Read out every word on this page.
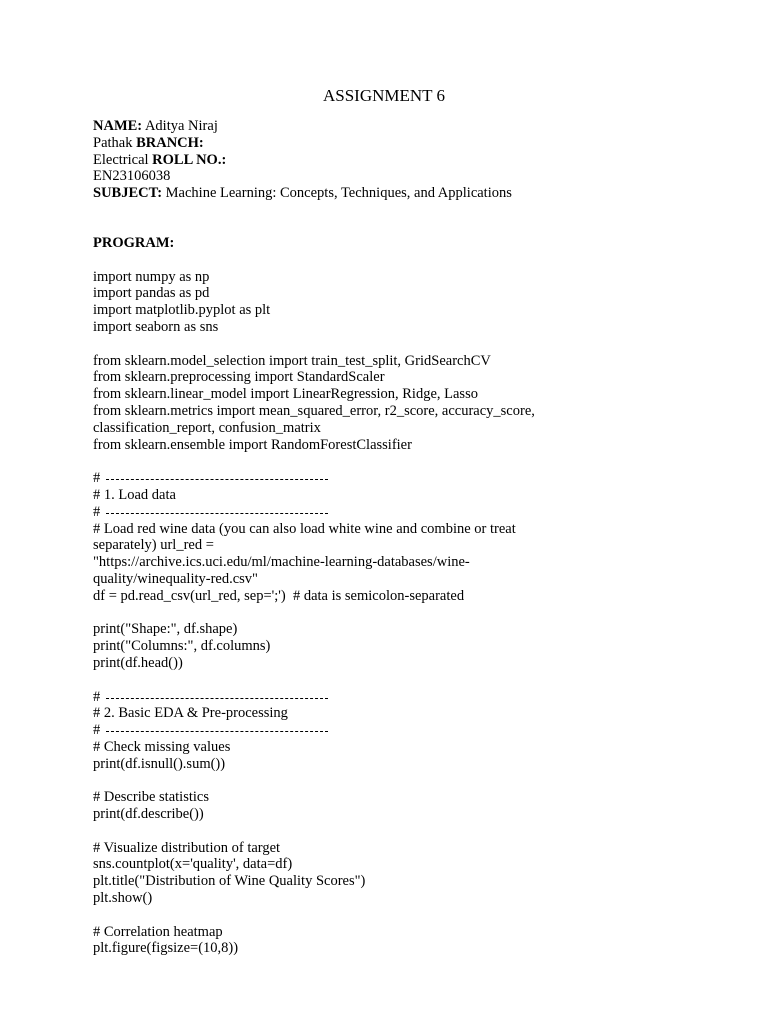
ASSIGNMENT 6
NAME: Aditya Niraj
Pathak BRANCH:
Electrical ROLL NO.:
EN23106038
SUBJECT: Machine Learning: Concepts, Techniques, and Applications
PROGRAM:
import numpy as np
import pandas as pd
import matplotlib.pyplot as plt
import seaborn as sns
from sklearn.model_selection import train_test_split, GridSearchCV
from sklearn.preprocessing import StandardScaler
from sklearn.linear_model import LinearRegression, Ridge, Lasso
from sklearn.metrics import mean_squared_error, r2_score, accuracy_score,
classification_report, confusion_matrix
from sklearn.ensemble import RandomForestClassifier
#
# 1. Load data
#
# Load red wine data (you can also load white wine and combine or treat
separately) url_red =
"https://archive.ics.uci.edu/ml/machine-learning-databases/wine-
quality/winequality-red.csv"
df = pd.read_csv(url_red, sep=';')  # data is semicolon-separated
print("Shape:", df.shape)
print("Columns:", df.columns)
print(df.head())
#
# 2. Basic EDA & Pre-processing
#
# Check missing values
print(df.isnull().sum())
# Describe statistics
print(df.describe())
# Visualize distribution of target
sns.countplot(x='quality', data=df)
plt.title("Distribution of Wine Quality Scores")
plt.show()
# Correlation heatmap
plt.figure(figsize=(10,8))
